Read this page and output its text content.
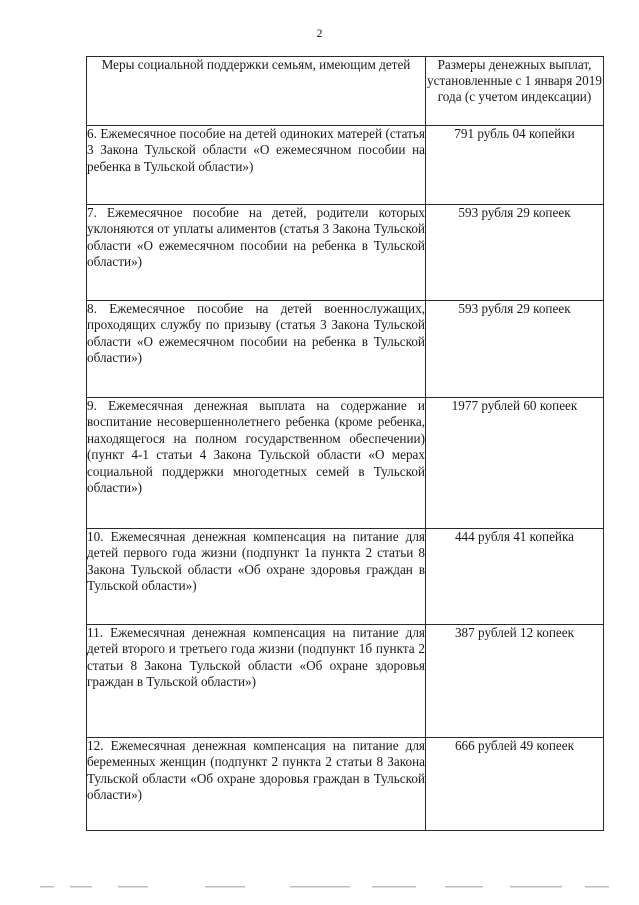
2
Меры социальной поддержки семьям, имеющим детей	Размеры денежных выплат, установленные с 1 января 2019 года (с учетом индексации)

6. Ежемесячное пособие на детей одиноких матерей (статья 3 Закона Тульской области «О ежемесячном пособии на ребенка в Тульской области»)	791 рубль 04 копейки

7. Ежемесячное пособие на детей, родители которых уклоняются от уплаты алиментов (статья 3 Закона Тульской области «О ежемесячном пособии на ребенка в Тульской области»)	593 рубля 29 копеек

8. Ежемесячное пособие на детей военнослужащих, проходящих службу по призыву (статья 3 Закона Тульской области «О ежемесячном пособии на ребенка в Тульской области»)	593 рубля 29 копеек

9. Ежемесячная денежная выплата на содержание и воспитание несовершеннолетнего ребенка (кроме ребенка, находящегося на полном государственном обеспечении) (пункт 4-1 статьи 4 Закона Тульской области «О мерах социальной поддержки многодетных семей в Тульской области»)	1977 рублей 60 копеек

10. Ежемесячная денежная компенсация на питание для детей первого года жизни (подпункт 1а пункта 2 статьи 8 Закона Тульской области «Об охране здоровья граждан в Тульской области»)	444 рубля 41 копейка

11. Ежемесячная денежная компенсация на питание для детей второго и третьего года жизни (подпункт 1б пункта 2 статьи 8 Закона Тульской области «Об охране здоровья граждан в Тульской области»)	387 рублей 12 копеек

12. Ежемесячная денежная компенсация на питание для беременных женщин (подпункт 2 пункта 2 статьи 8 Закона Тульской области «Об охране здоровья граждан в Тульской области»)	666 рублей 49 копеек
